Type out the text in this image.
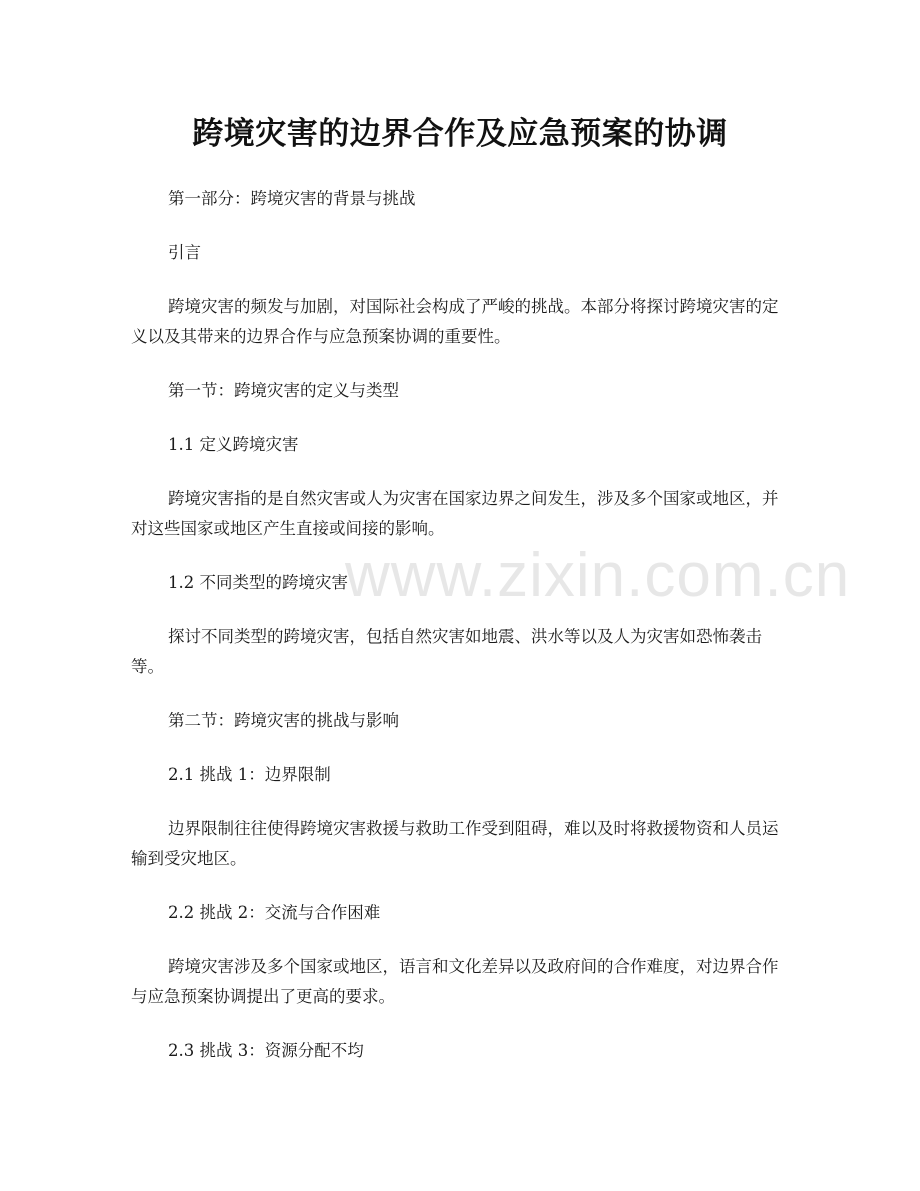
跨境灾害的边界合作及应急预案的协调

第一部分：跨境灾害的背景与挑战

引言

跨境灾害的频发与加剧，对国际社会构成了严峻的挑战。本部分将探讨跨境灾害的定义以及其带来的边界合作与应急预案协调的重要性。

第一节：跨境灾害的定义与类型

1.1 定义跨境灾害

跨境灾害指的是自然灾害或人为灾害在国家边界之间发生，涉及多个国家或地区，并对这些国家或地区产生直接或间接的影响。

1.2 不同类型的跨境灾害

探讨不同类型的跨境灾害，包括自然灾害如地震、洪水等以及人为灾害如恐怖袭击等。

第二节：跨境灾害的挑战与影响

2.1 挑战 1：边界限制

边界限制往往使得跨境灾害救援与救助工作受到阻碍，难以及时将救援物资和人员运输到受灾地区。

2.2 挑战 2：交流与合作困难

跨境灾害涉及多个国家或地区，语言和文化差异以及政府间的合作难度，对边界合作与应急预案协调提出了更高的要求。

2.3 挑战 3：资源分配不均

www.zixin.com.cn
